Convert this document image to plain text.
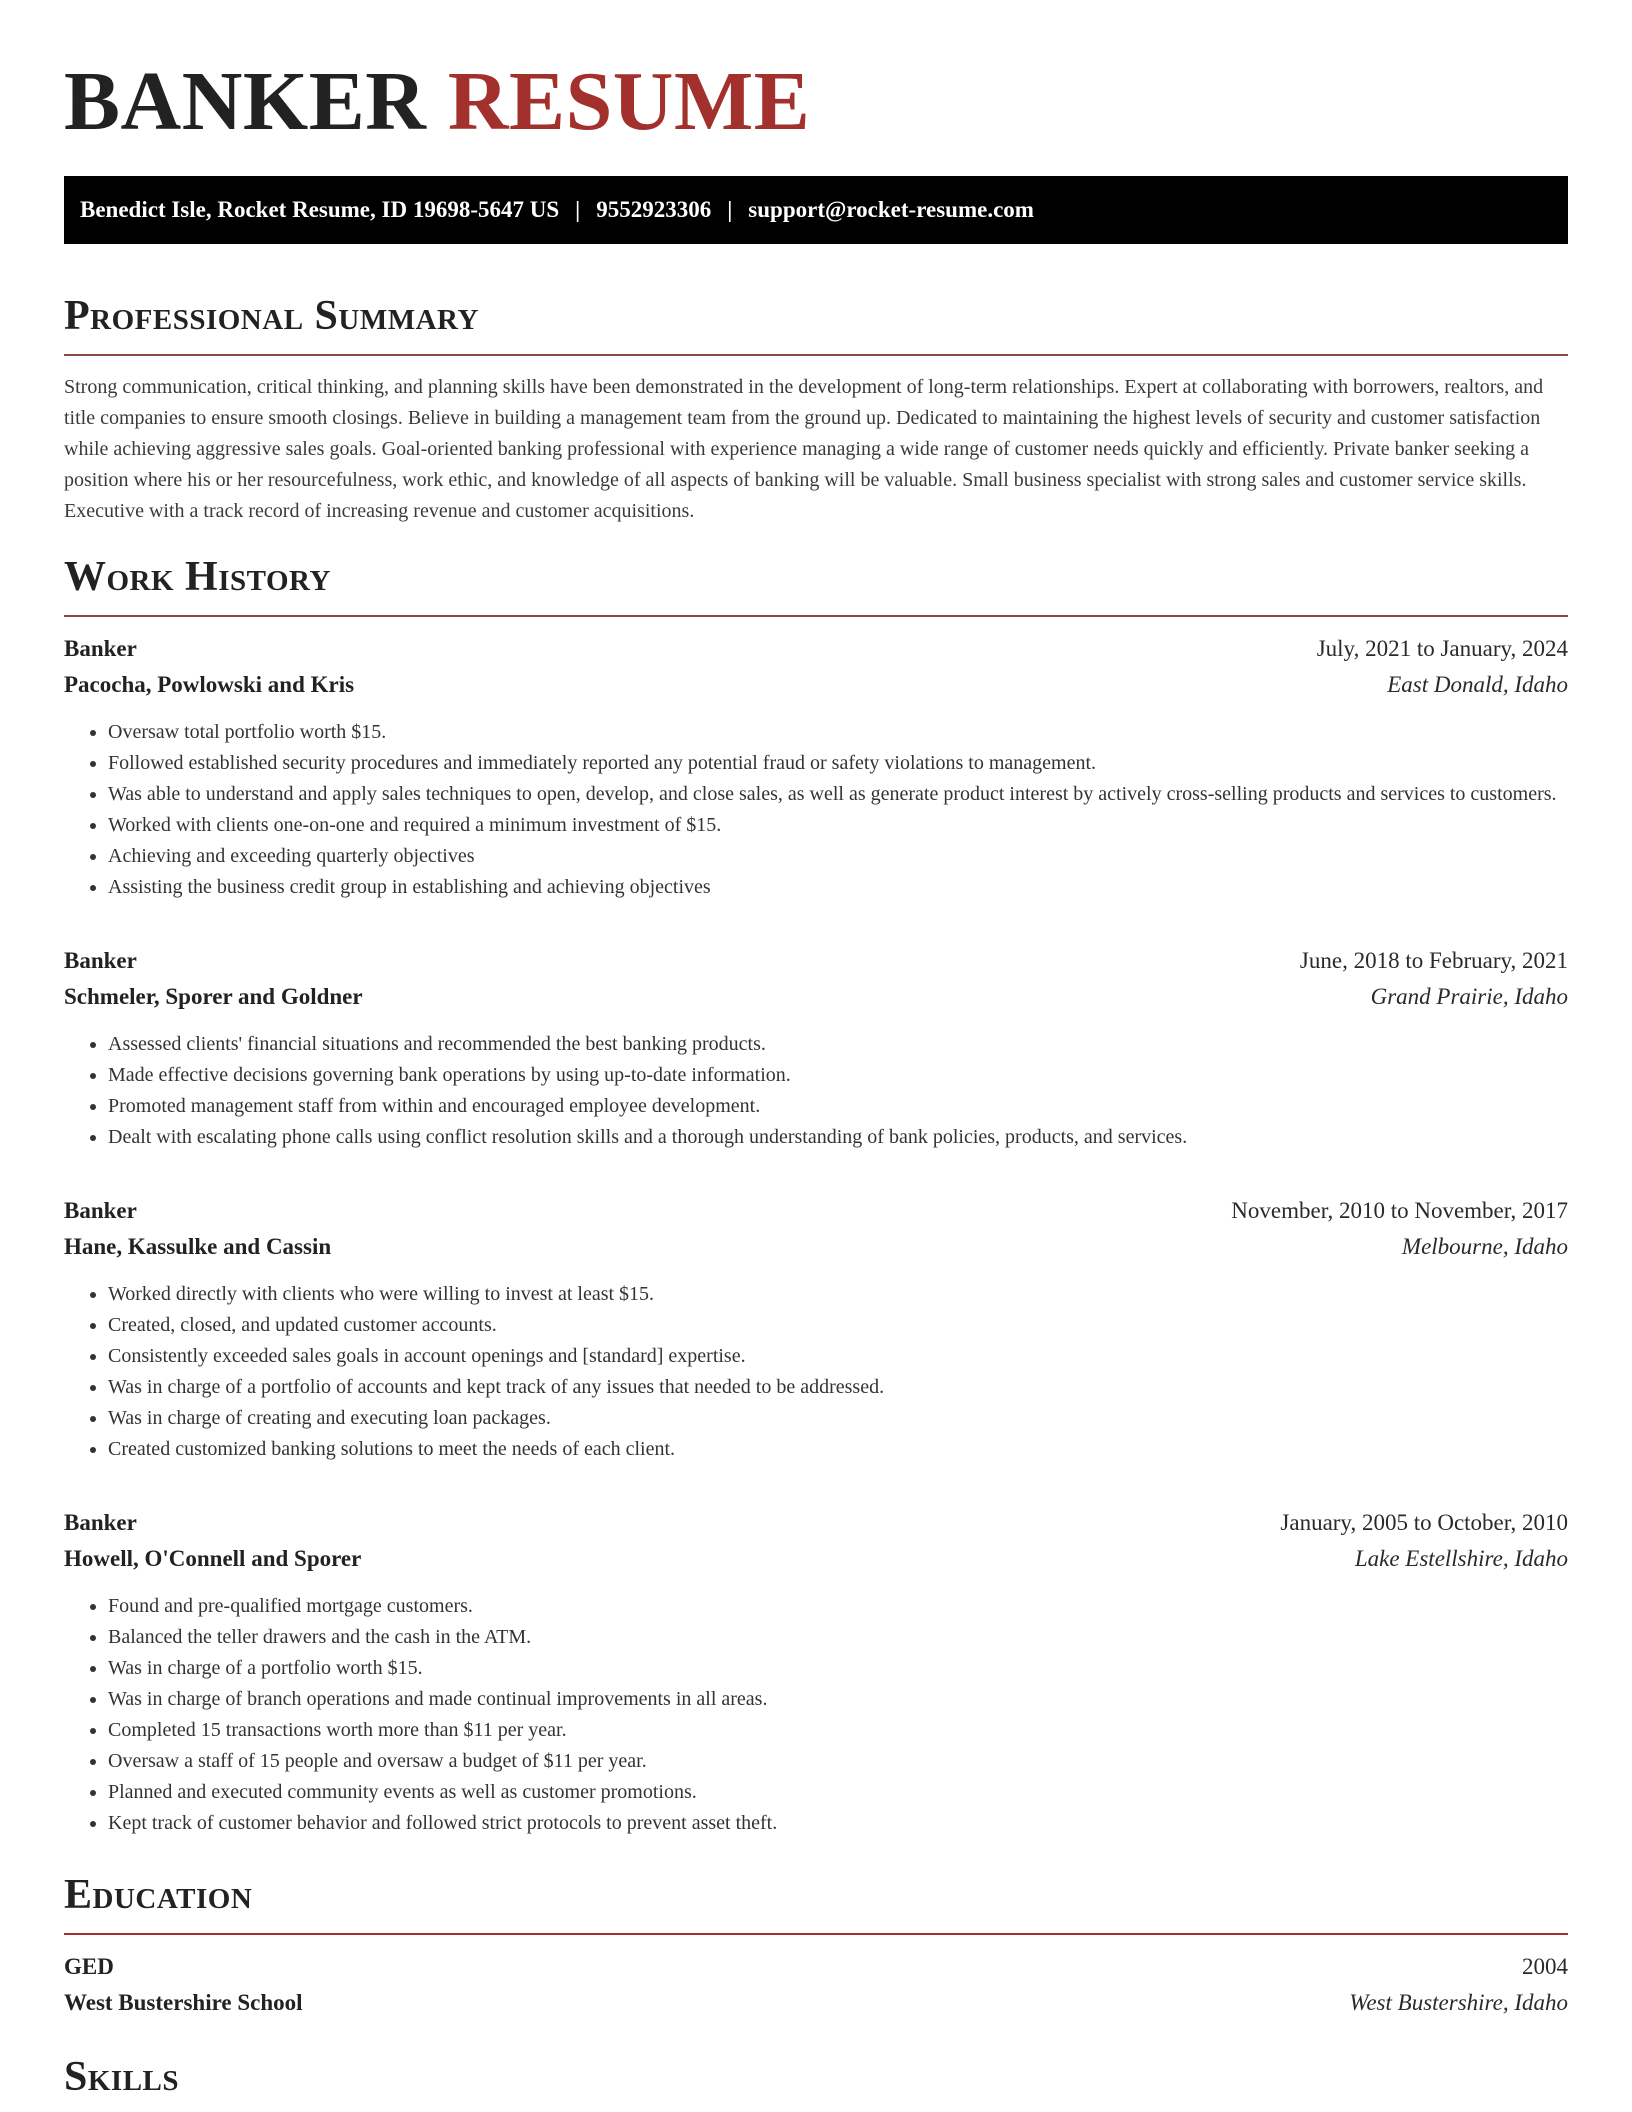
BANKER RESUME
Benedict Isle, Rocket Resume, ID 19698-5647 US | 9552923306 | support@rocket-resume.com
Professional Summary

Strong communication, critical thinking, and planning skills have been demonstrated in the development of long-term relationships. Expert at collaborating with borrowers, realtors, and title companies to ensure smooth closings. Believe in building a management team from the ground up. Dedicated to maintaining the highest levels of security and customer satisfaction while achieving aggressive sales goals. Goal-oriented banking professional with experience managing a wide range of customer needs quickly and efficiently. Private banker seeking a position where his or her resourcefulness, work ethic, and knowledge of all aspects of banking will be valuable. Small business specialist with strong sales and customer service skills. Executive with a track record of increasing revenue and customer acquisitions.

Work History
Banker	July, 2021 to January, 2024
Pacocha, Powlowski and Kris	East Donald, Idaho
• Oversaw total portfolio worth $15.
• Followed established security procedures and immediately reported any potential fraud or safety violations to management.
• Was able to understand and apply sales techniques to open, develop, and close sales, as well as generate product interest by actively cross-selling products and services to customers.
• Worked with clients one-on-one and required a minimum investment of $15.
• Achieving and exceeding quarterly objectives
• Assisting the business credit group in establishing and achieving objectives
Banker	June, 2018 to February, 2021
Schmeler, Sporer and Goldner	Grand Prairie, Idaho
• Assessed clients' financial situations and recommended the best banking products.
• Made effective decisions governing bank operations by using up-to-date information.
• Promoted management staff from within and encouraged employee development.
• Dealt with escalating phone calls using conflict resolution skills and a thorough understanding of bank policies, products, and services.
Banker	November, 2010 to November, 2017
Hane, Kassulke and Cassin	Melbourne, Idaho
• Worked directly with clients who were willing to invest at least $15.
• Created, closed, and updated customer accounts.
• Consistently exceeded sales goals in account openings and [standard] expertise.
• Was in charge of a portfolio of accounts and kept track of any issues that needed to be addressed.
• Was in charge of creating and executing loan packages.
• Created customized banking solutions to meet the needs of each client.
Banker	January, 2005 to October, 2010
Howell, O'Connell and Sporer	Lake Estellshire, Idaho
• Found and pre-qualified mortgage customers.
• Balanced the teller drawers and the cash in the ATM.
• Was in charge of a portfolio worth $15.
• Was in charge of branch operations and made continual improvements in all areas.
• Completed 15 transactions worth more than $11 per year.
• Oversaw a staff of 15 people and oversaw a budget of $11 per year.
• Planned and executed community events as well as customer promotions.
• Kept track of customer behavior and followed strict protocols to prevent asset theft.
Education
GED	2004
West Bustershire School	West Bustershire, Idaho
Skills
